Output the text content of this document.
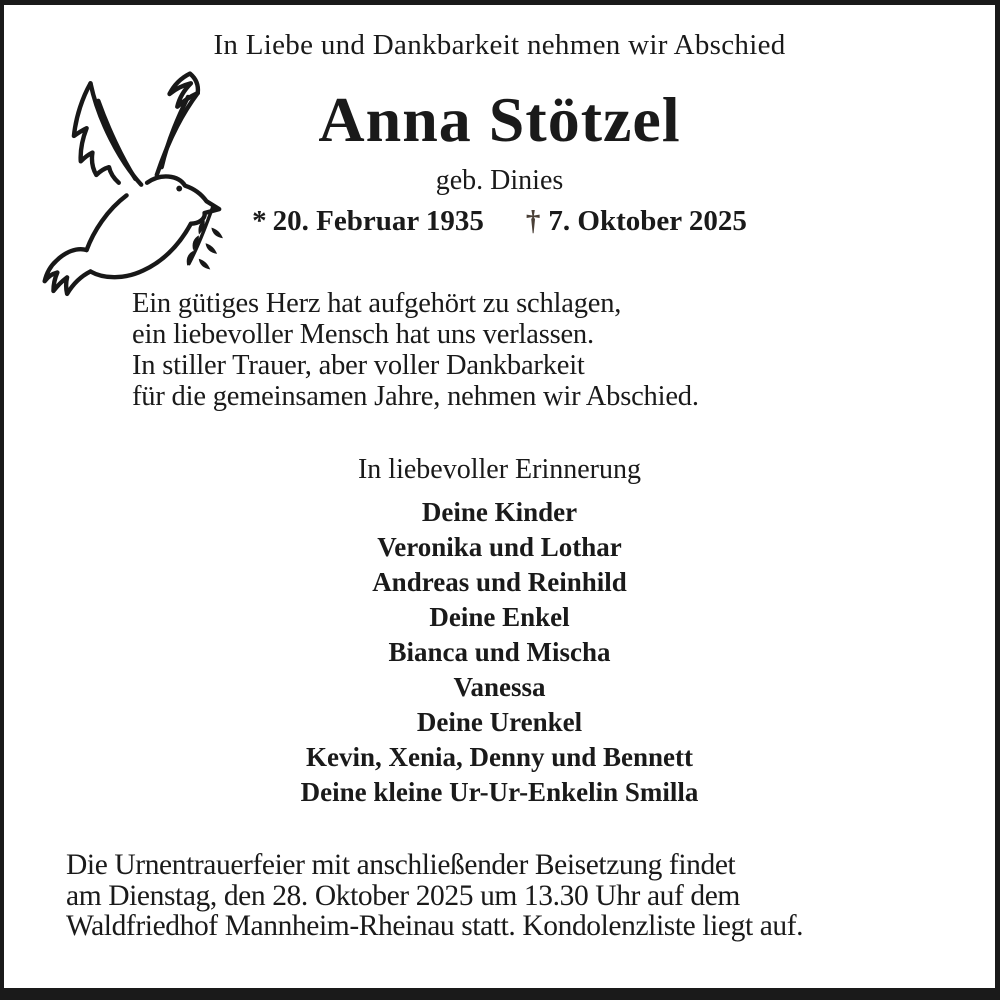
In Liebe und Dankbarkeit nehmen wir Abschied
Anna Stötzel
geb. Dinies
* 20. Februar 1935 † 7. Oktober 2025
Ein gütiges Herz hat aufgehört zu schlagen,
ein liebevoller Mensch hat uns verlassen.
In stiller Trauer, aber voller Dankbarkeit
für die gemeinsamen Jahre, nehmen wir Abschied.
In liebevoller Erinnerung
Deine Kinder
Veronika und Lothar
Andreas und Reinhild
Deine Enkel
Bianca und Mischa
Vanessa
Deine Urenkel
Kevin, Xenia, Denny und Bennett
Deine kleine Ur-Ur-Enkelin Smilla
Die Urnentrauerfeier mit anschließender Beisetzung findet
am Dienstag, den 28. Oktober 2025 um 13.30 Uhr auf dem
Waldfriedhof Mannheim-Rheinau statt. Kondolenzliste liegt auf.
